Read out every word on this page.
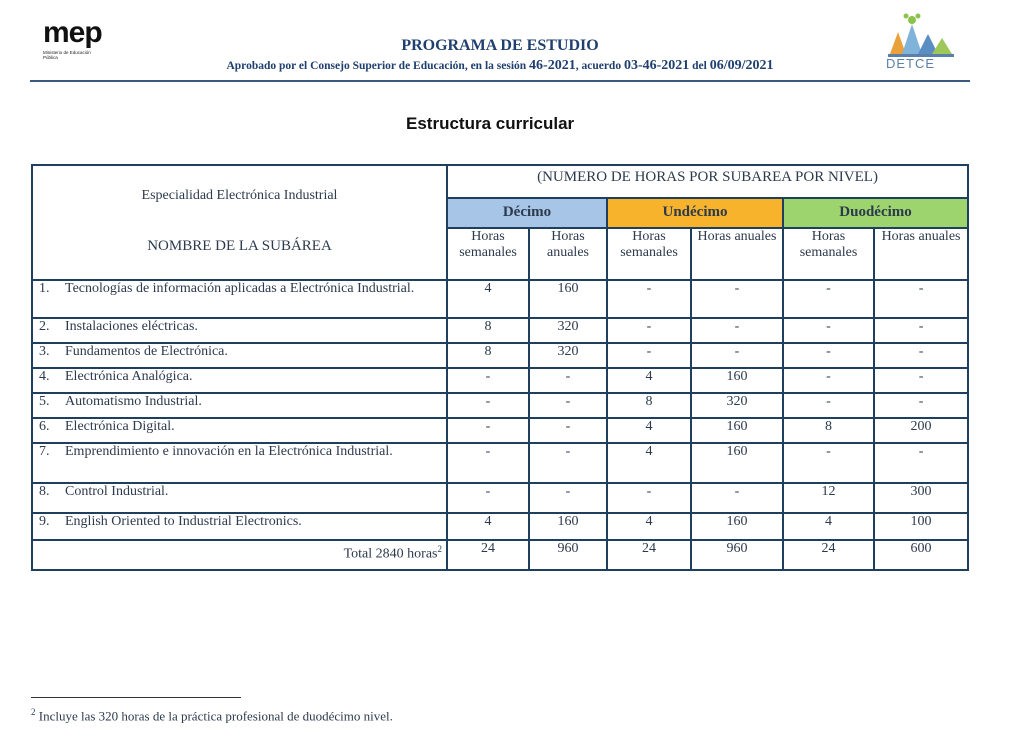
mep
Ministerio de Educación Pública
PROGRAMA DE ESTUDIO
Aprobado por el Consejo Superior de Educación, en la sesión 46-2021, acuerdo 03-46-2021 del 06/09/2021	DETCE
Estructura curricular
Especialidad Electrónica Industrial
NOMBRE DE LA SUBÁREA	(NUMERO DE HORAS POR SUBAREA POR NIVEL)					
	Décimo		Undécimo		Duodécimo	
	Horas semanales	Horas anuales	Horas semanales	Horas anuales	Horas semanales	Horas anuales

1. Tecnologías de información aplicadas a Electrónica Industrial.	4	160	-	-	-	-

2. Instalaciones eléctricas.	8	320	-	-	-	-

3. Fundamentos de Electrónica.	8	320	-	-	-	-

4. Electrónica Analógica.	-	-	4	160	-	-

5. Automatismo Industrial.	-	-	8	320	-	-

6. Electrónica Digital.	-	-	4	160	8	200

7. Emprendimiento e innovación en la Electrónica Industrial.	-	-	4	160	-	-

8. Control Industrial.	-	-	-	-	12	300

9. English Oriented to Industrial Electronics.	4	160	4	160	4	100
Total 2840 horas$^2$	24	960	24	960	24	600
$^2$ Incluye las 320 horas de la práctica profesional de duodécimo nivel.
